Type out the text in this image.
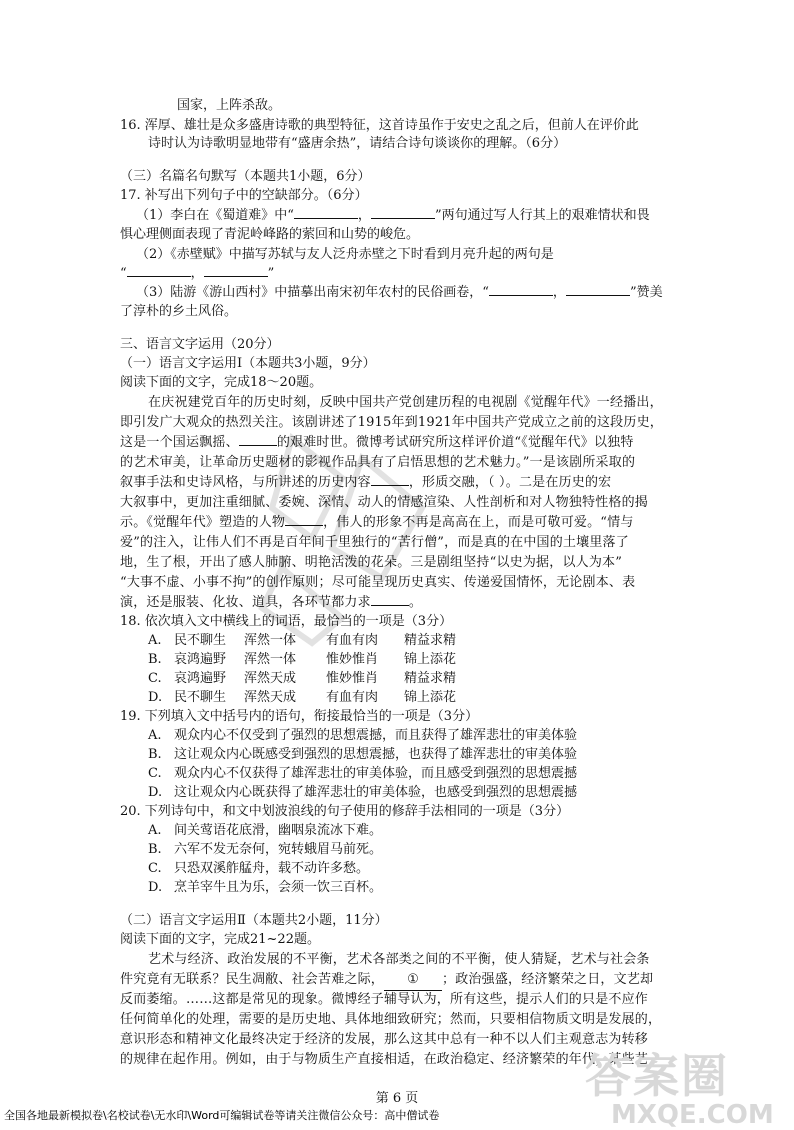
国家，上阵杀敌。
16. 浑厚、雄壮是众多盛唐诗歌的典型特征，这首诗虽作于安史之乱之后，但前人在评价此
诗时认为诗歌明显地带有“盛唐余热”，请结合诗句谈谈你的理解。（6分）
（三）名篇名句默写（本题共1小题，6分）
17. 补写出下列句子中的空缺部分。（6分）
（1）李白在《蜀道难》中“	，	”两句通过写人行其上的艰难情状和畏
惧心理侧面表现了青泥岭峰路的萦回和山势的峻危。
（2）《赤壁赋》中描写苏轼与友人泛舟赤壁之下时看到月亮升起的两句是
“	，	”
（3）陆游《游山西村》中描摹出南宋初年农村的民俗画卷，“	，	”赞美
了淳朴的乡土风俗。
三、语言文字运用（20分）
（一）语言文字运用Ⅰ（本题共3小题，9分）
阅读下面的文字，完成18～20题。
在庆祝建党百年的历史时刻，反映中国共产党创建历程的电视剧《觉醒年代》一经播出，
即引发广大观众的热烈关注。该剧讲述了1915年到1921年中国共产党成立之前的这段历史，
这是一个国运飘摇、	的艰难时世。微博考试研究所这样评价道“《觉醒年代》以独特
的艺术审美，让革命历史题材的影视作品具有了启悟思想的艺术魅力。”一是该剧所采取的
叙事手法和史诗风格，与所讲述的历史内容	，形质交融，（ ）。二是在历史的宏
大叙事中，更加注重细腻、委婉、深情、动人的情感渲染、人性剖析和对人物独特性格的揭
示。《觉醒年代》塑造的人物	，伟人的形象不再是高高在上，而是可敬可爱。“情与
爱”的注入，让伟人们不再是百年间千里独行的“苦行僧”，而是真的在中国的土壤里落了
地，生了根，开出了感人肺腑、明艳活泼的花朵。三是剧组坚持“以史为据，以人为本”
“大事不虚、小事不拘”的创作原则；尽可能呈现历史真实、传递爱国情怀，无论剧本、表
演，还是服装、化妆、道具，各环节都力求	。
18. 依次填入文中横线上的词语，最恰当的一项是（3分）
A. 民不聊生 浑然一体 有血有肉 精益求精
B. 哀鸿遍野 浑然一体 惟妙惟肖 锦上添花
C. 哀鸿遍野 浑然天成 惟妙惟肖 精益求精
D. 民不聊生 浑然天成 有血有肉 锦上添花
19. 下列填入文中括号内的语句，衔接最恰当的一项是（3分）
A. 观众内心不仅受到了强烈的思想震撼，而且获得了雄浑悲壮的审美体验
B. 这让观众内心既感受到强烈的思想震撼，也获得了雄浑悲壮的审美体验
C. 观众内心不仅获得了雄浑悲壮的审美体验，而且感受到强烈的思想震撼
D. 这让观众内心既获得了雄浑悲壮的审美体验，也感受到强烈的思想震撼
20. 下列诗句中，和文中划波浪线的句子使用的修辞手法相同的一项是（3分）
A. 间关莺语花底滑，幽咽泉流冰下难。
B. 六军不发无奈何，宛转蛾眉马前死。
C. 只恐双溪舴艋舟，载不动许多愁。
D. 烹羊宰牛且为乐，会须一饮三百杯。
（二）语言文字运用Ⅱ（本题共2小题，11分）
阅读下面的文字，完成21~22题。
艺术与经济、政治发展的不平衡，艺术各部类之间的不平衡，使人猜疑，艺术与社会条
件究竟有无联系？民生凋敝、社会苦难之际， ① ；政治强盛，经济繁荣之日，文艺却
反而萎缩。……这都是常见的现象。微博经子辅导认为，所有这些，提示人们的只是不应作
任何简单化的处理，需要的是历史地、具体地细致研究；然而，只要相信物质文明是发展的，
意识形态和精神文化最终决定于经济的发展，那么这其中总有一种不以人们主观意志为转移
的规律在起作用。例如，由于与物质生产直接相适，在政治稳定、经济繁荣的年代，某些艺
答案圈
MXQE.COM
第 6 页
全国各地最新模拟卷\名校试卷\无水印\Word可编辑试卷等请关注微信公众号：高中僧试卷
